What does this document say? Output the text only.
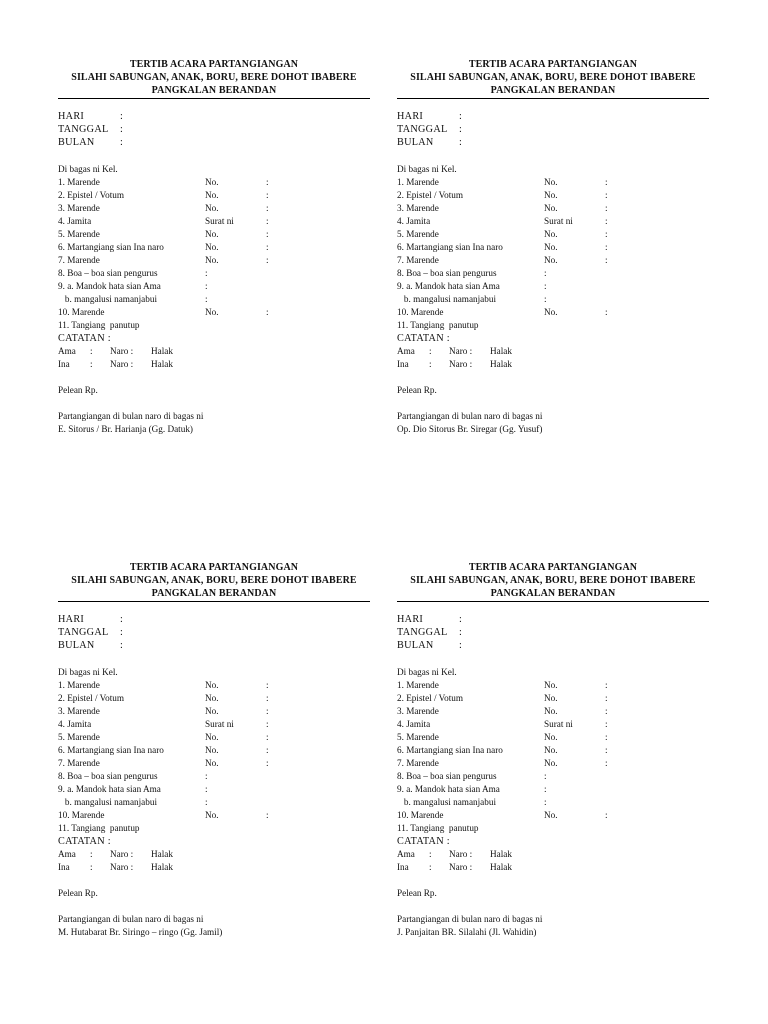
TERTIB ACARA PARTANGIANGAN
SILAHI SABUNGAN, ANAK, BORU, BERE DOHOT IBABERE
PANGKALAN BERANDAN
HARI	:
TANGGAL :
BULAN :
Di bagas ni Kel.
1. Marende	No.	:
2. Epistel / Votum	No.	:
3. Marende	No.	:
4. Jamita	Surat ni	:
5. Marende	No.	:
6. Martangiang sian Ina naro	No.	:
7. Marende	No.	:
8. Boa – boa sian pengurus	:
9. a. Mandok hata sian Ama	:
b. mangalusi namanjabui	:
10. Marende	No.	:
11. Tangiang  panutup
CATATAN :
Ama : Naro : Halak
Ina : Naro : Halak
Pelean Rp.
Partangiangan di bulan naro di bagas ni
E. Sitorus / Br. Harianja (Gg. Datuk)
TERTIB ACARA PARTANGIANGAN
SILAHI SABUNGAN, ANAK, BORU, BERE DOHOT IBABERE
PANGKALAN BERANDAN
HARI	:
TANGGAL :
BULAN :
Di bagas ni Kel.
1. Marende	No.	:
2. Epistel / Votum	No.	:
3. Marende	No.	:
4. Jamita	Surat ni	:
5. Marende	No.	:
6. Martangiang sian Ina naro	No.	:
7. Marende	No.	:
8. Boa – boa sian pengurus	:
9. a. Mandok hata sian Ama	:
b. mangalusi namanjabui	:
10. Marende	No.	:
11. Tangiang  panutup
CATATAN :
Ama : Naro : Halak
Ina : Naro : Halak
Pelean Rp.
Partangiangan di bulan naro di bagas ni
Op. Dio Sitorus Br. Siregar (Gg. Yusuf)
TERTIB ACARA PARTANGIANGAN
SILAHI SABUNGAN, ANAK, BORU, BERE DOHOT IBABERE
PANGKALAN BERANDAN
HARI	:
TANGGAL :
BULAN :
Di bagas ni Kel.
1. Marende	No.	:
2. Epistel / Votum	No.	:
3. Marende	No.	:
4. Jamita	Surat ni	:
5. Marende	No.	:
6. Martangiang sian Ina naro	No.	:
7. Marende	No.	:
8. Boa – boa sian pengurus	:
9. a. Mandok hata sian Ama	:
b. mangalusi namanjabui	:
10. Marende	No.	:
11. Tangiang  panutup
CATATAN :
Ama : Naro : Halak
Ina : Naro : Halak
Pelean Rp.
Partangiangan di bulan naro di bagas ni
M. Hutabarat Br. Siringo – ringo (Gg. Jamil)
TERTIB ACARA PARTANGIANGAN
SILAHI SABUNGAN, ANAK, BORU, BERE DOHOT IBABERE
PANGKALAN BERANDAN
HARI	:
TANGGAL :
BULAN :
Di bagas ni Kel.
1. Marende	No.	:
2. Epistel / Votum	No.	:
3. Marende	No.	:
4. Jamita	Surat ni	:
5. Marende	No.	:
6. Martangiang sian Ina naro	No.	:
7. Marende	No.	:
8. Boa – boa sian pengurus	:
9. a. Mandok hata sian Ama	:
b. mangalusi namanjabui	:
10. Marende	No.	:
11. Tangiang  panutup
CATATAN :
Ama : Naro : Halak
Ina : Naro : Halak
Pelean Rp.
Partangiangan di bulan naro di bagas ni
J. Panjaitan BR. Silalahi (Jl. Wahidin)
